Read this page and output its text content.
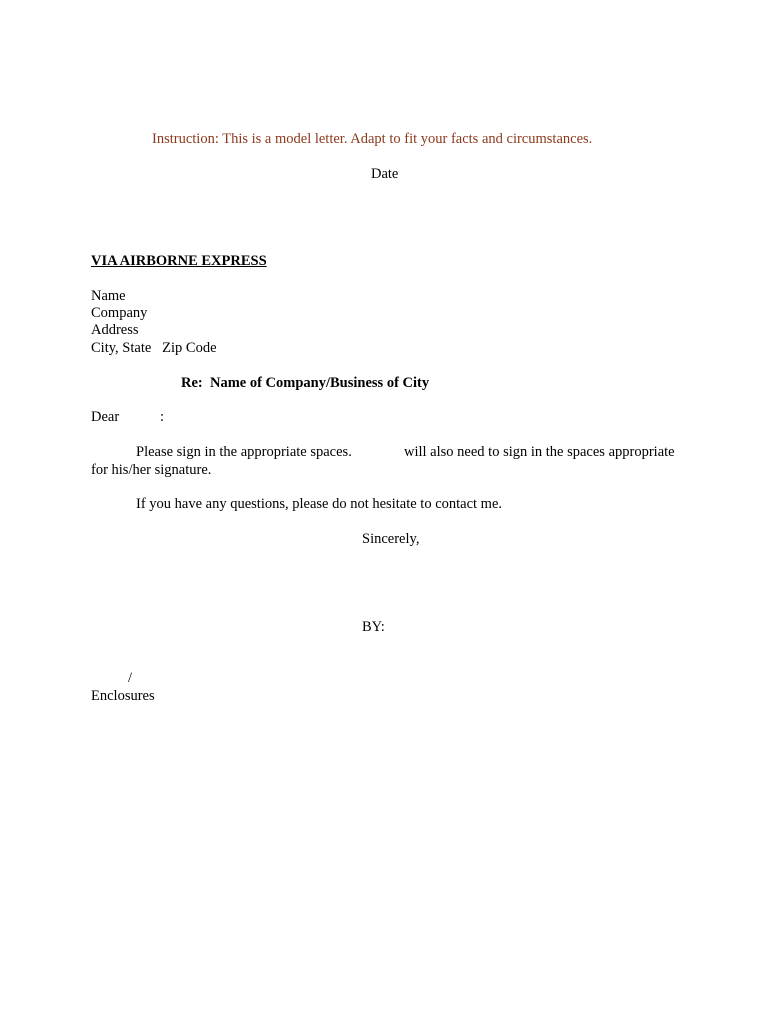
Instruction: This is a model letter. Adapt to fit your facts and circumstances.
Date
VIA AIRBORNE EXPRESS
Name
Company
Address
City, State   Zip Code
Re:  Name of Company/Business of City
Dear	:
Please sign in the appropriate spaces.	will also need to sign in the spaces appropriate
for his/her signature.
If you have any questions, please do not hesitate to contact me.
Sincerely,
BY:
/
Enclosures
